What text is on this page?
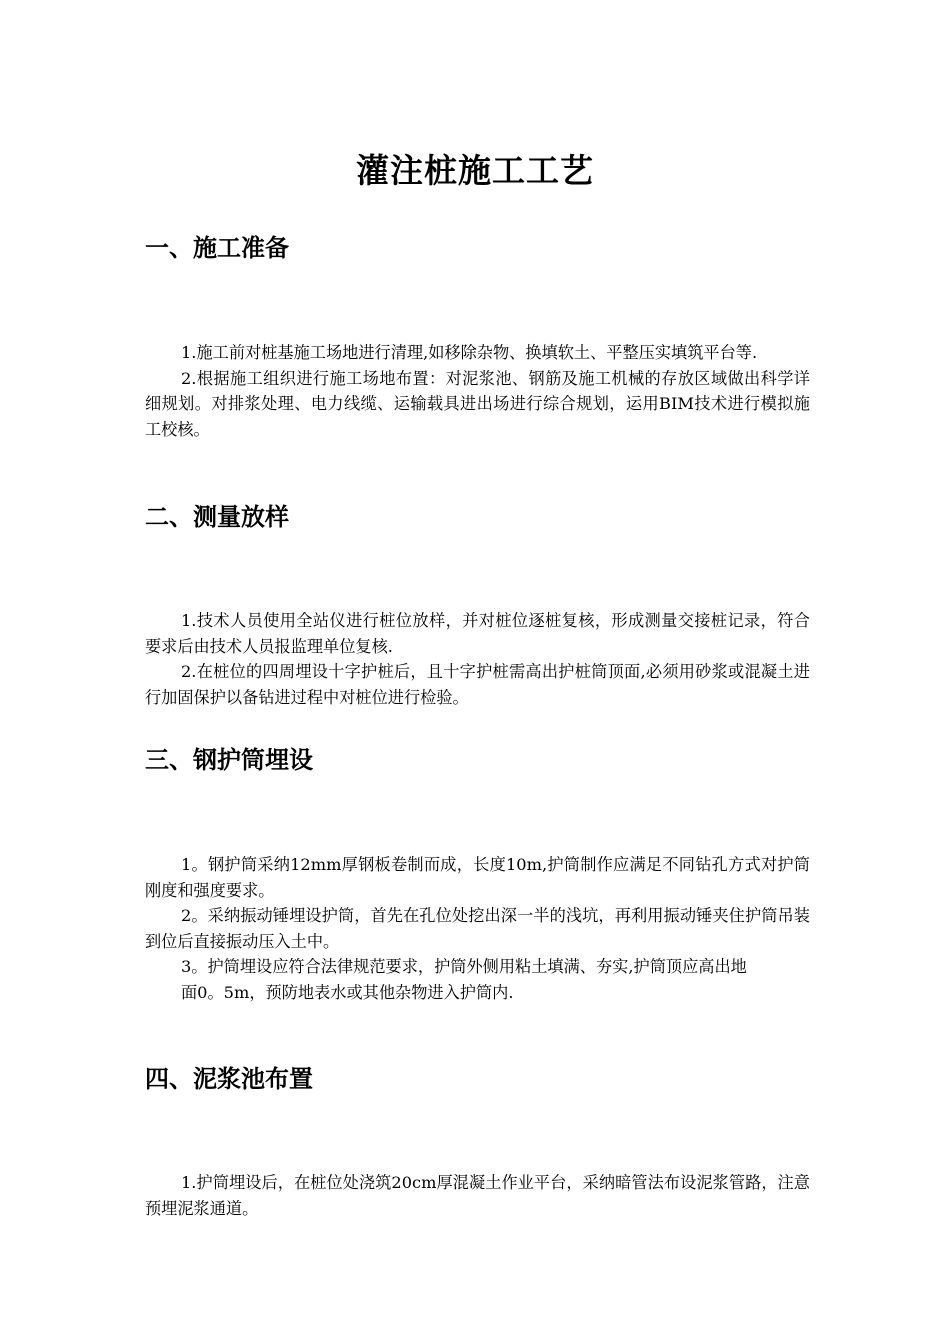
灌注桩施工工艺
一、施工准备

1.施工前对桩基施工场地进行清理,如移除杂物、换填软土、平整压实填筑平台等.

2.根据施工组织进行施工场地布置：对泥浆池、钢筋及施工机械的存放区域做出科学详细规划。对排浆处理、电力线缆、运输载具进出场进行综合规划，运用BIM技术进行模拟施工校核。

二、测量放样

1.技术人员使用全站仪进行桩位放样，并对桩位逐桩复核，形成测量交接桩记录，符合要求后由技术人员报监理单位复核.

2.在桩位的四周埋设十字护桩后，且十字护桩需高出护桩筒顶面,必须用砂浆或混凝土进行加固保护以备钻进过程中对桩位进行检验。

三、钢护筒埋设

1。钢护筒采纳12mm厚钢板卷制而成，长度10m,护筒制作应满足不同钻孔方式对护筒刚度和强度要求。

2。采纳振动锤埋设护筒，首先在孔位处挖出深一半的浅坑，再利用振动锤夹住护筒吊装到位后直接振动压入土中。

3。护筒埋设应符合法律规范要求，护筒外侧用粘土填满、夯实,护筒顶应高出地

面0。5m，预防地表水或其他杂物进入护筒内.

四、泥浆池布置

1.护筒埋设后，在桩位处浇筑20cm厚混凝土作业平台，采纳暗管法布设泥浆管路，注意预埋泥浆通道。
